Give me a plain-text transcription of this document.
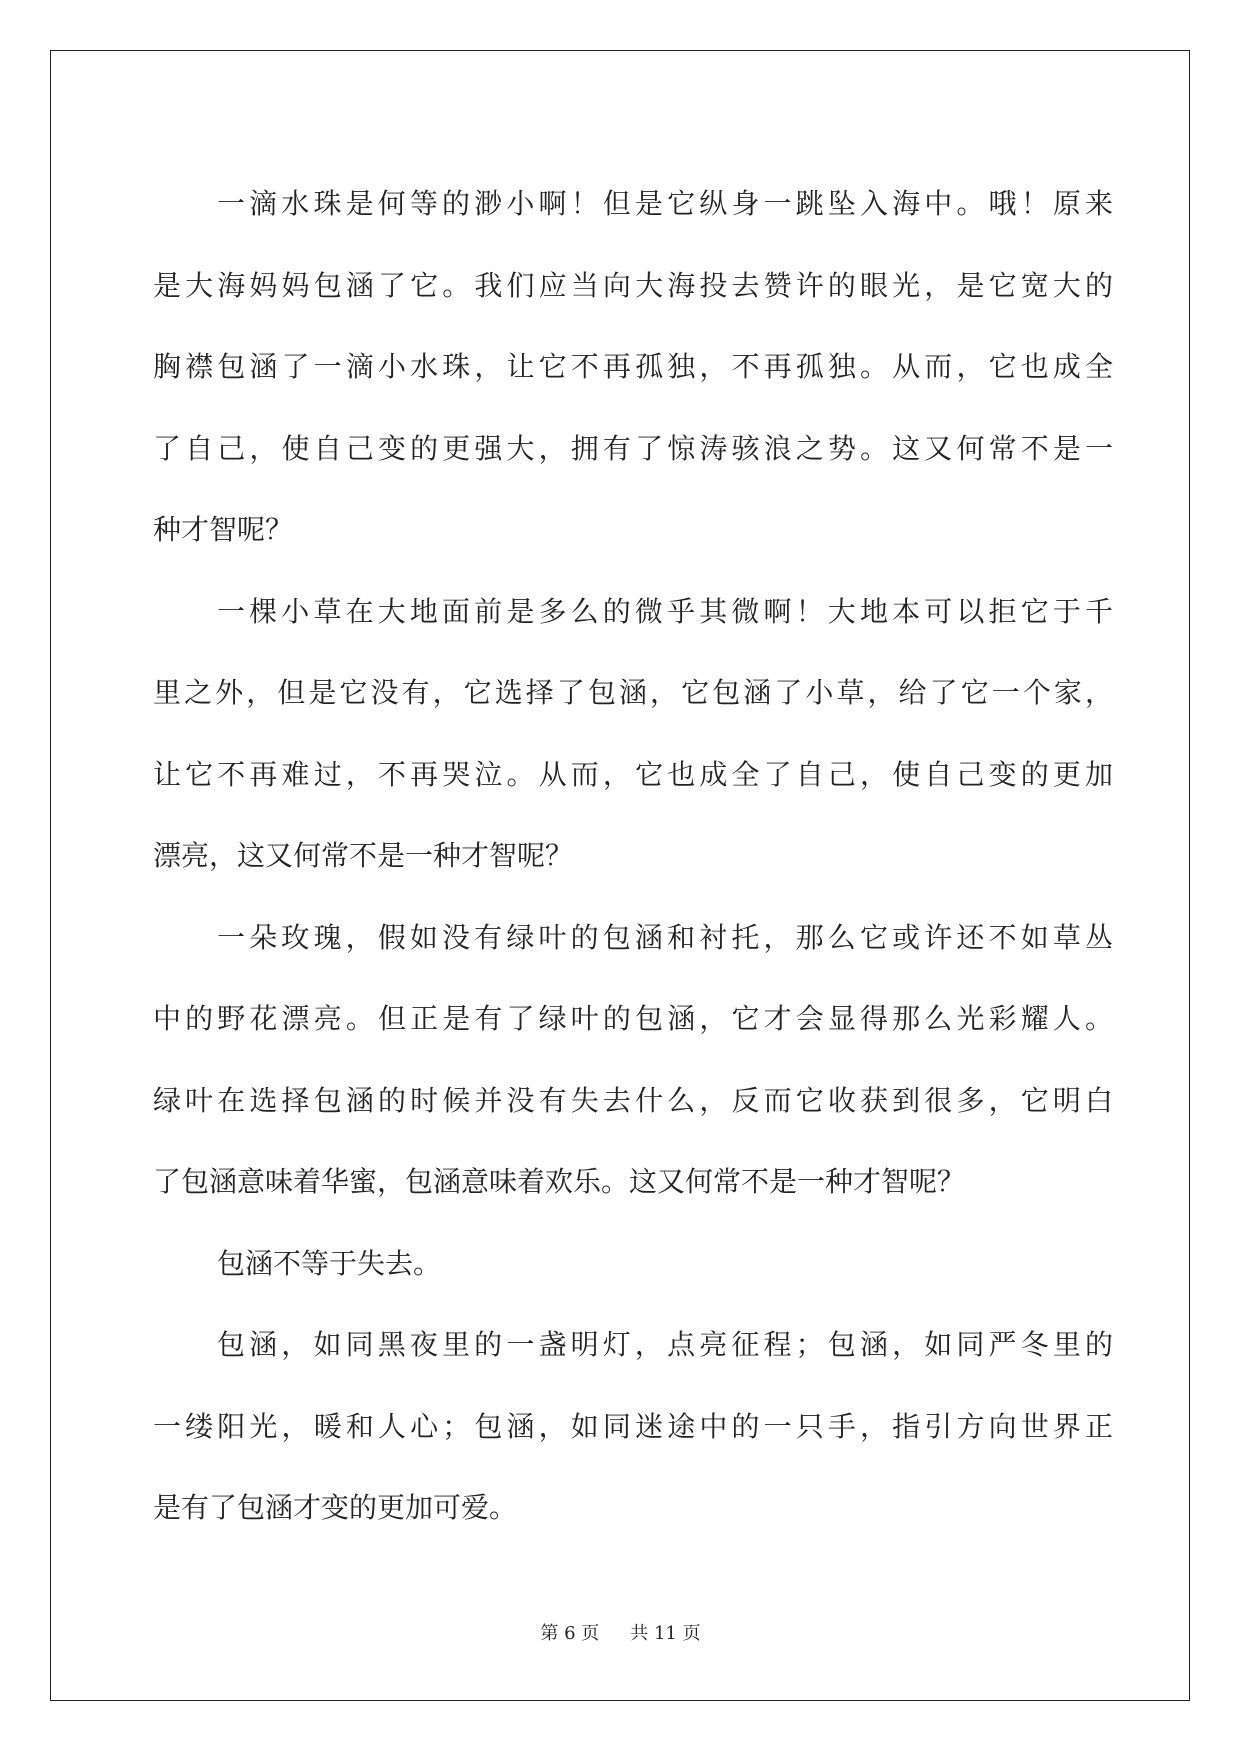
一滴水珠是何等的渺小啊！但是它纵身一跳坠入海中。哦！原来
是大海妈妈包涵了它。我们应当向大海投去赞许的眼光，是它宽大的
胸襟包涵了一滴小水珠，让它不再孤独，不再孤独。从而，它也成全
了自己，使自己变的更强大，拥有了惊涛骇浪之势。这又何常不是一
种才智呢？

一棵小草在大地面前是多么的微乎其微啊！大地本可以拒它于千
里之外，但是它没有，它选择了包涵，它包涵了小草，给了它一个家，
让它不再难过，不再哭泣。从而，它也成全了自己，使自己变的更加
漂亮，这又何常不是一种才智呢？

一朵玫瑰，假如没有绿叶的包涵和衬托，那么它或许还不如草丛
中的野花漂亮。但正是有了绿叶的包涵，它才会显得那么光彩耀人。
绿叶在选择包涵的时候并没有失去什么，反而它收获到很多，它明白
了包涵意味着华蜜，包涵意味着欢乐。这又何常不是一种才智呢？

包涵不等于失去。

包涵，如同黑夜里的一盏明灯，点亮征程；包涵，如同严冬里的
一缕阳光，暖和人心；包涵，如同迷途中的一只手，指引方向世界正
是有了包涵才变的更加可爱。

第 6 页 共 11 页
